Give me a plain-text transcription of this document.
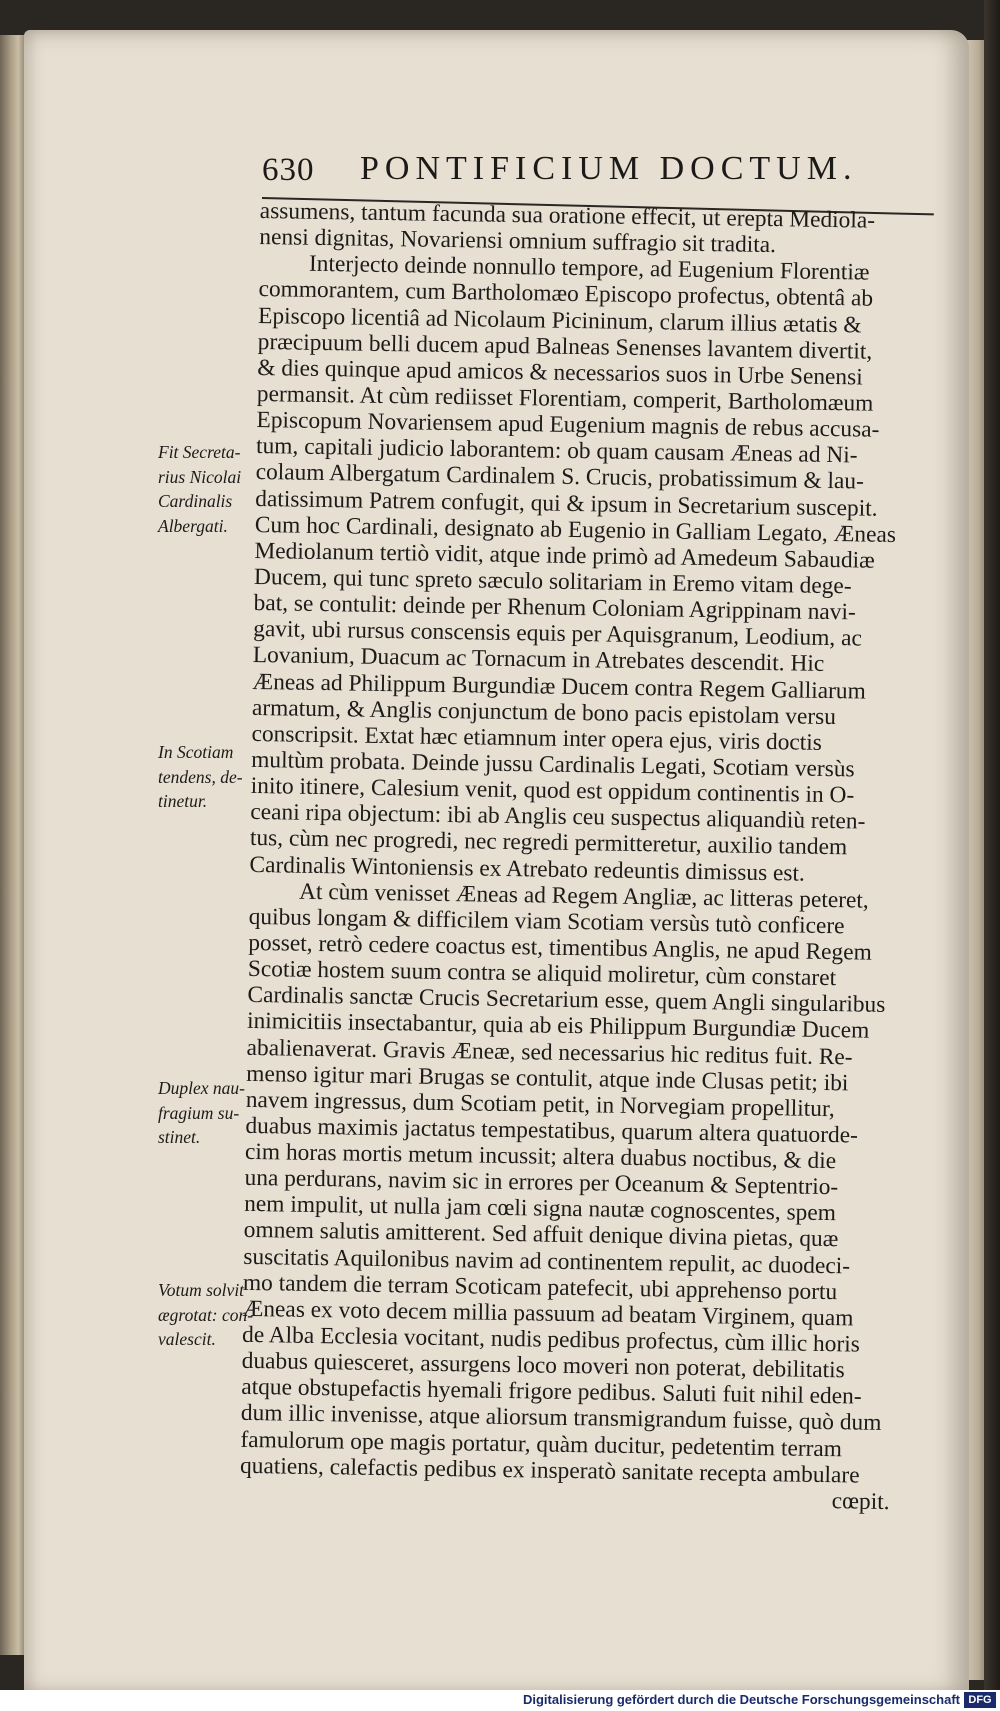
630 PONTIFICIUM DOCTUM.
assumens, tantum facunda sua oratione effecit, ut erepta Mediola-
nensi dignitas, Novariensi omnium suffragio sit tradita.
Interjecto deinde nonnullo tempore, ad Eugenium Florentiæ
commorantem, cum Bartholomæo Episcopo profectus, obtentâ ab
Episcopo licentiâ ad Nicolaum Picininum, clarum illius ætatis &
præcipuum belli ducem apud Balneas Senenses lavantem divertit,
& dies quinque apud amicos & necessarios suos in Urbe Senensi
permansit. At cùm rediisset Florentiam, comperit, Bartholomæum
Episcopum Novariensem apud Eugenium magnis de rebus accusa-
tum, capitali judicio laborantem: ob quam causam Æneas ad Ni-
colaum Albergatum Cardinalem S. Crucis, probatissimum & lau-
datissimum Patrem confugit, qui & ipsum in Secretarium suscepit.
Cum hoc Cardinali, designato ab Eugenio in Galliam Legato, Æneas
Mediolanum tertiò vidit, atque inde primò ad Amedeum Sabaudiæ
Ducem, qui tunc spreto sæculo solitariam in Eremo vitam dege-
bat, se contulit: deinde per Rhenum Coloniam Agrippinam navi-
gavit, ubi rursus conscensis equis per Aquisgranum, Leodium, ac
Lovanium, Duacum ac Tornacum in Atrebates descendit. Hic
Æneas ad Philippum Burgundiæ Ducem contra Regem Galliarum
armatum, & Anglis conjunctum de bono pacis epistolam versu
conscripsit. Extat hæc etiamnum inter opera ejus, viris doctis
multùm probata. Deinde jussu Cardinalis Legati, Scotiam versùs
inito itinere, Calesium venit, quod est oppidum continentis in O-
ceani ripa objectum: ibi ab Anglis ceu suspectus aliquandiù reten-
tus, cùm nec progredi, nec regredi permitteretur, auxilio tandem
Cardinalis Wintoniensis ex Atrebato redeuntis dimissus est.
At cùm venisset Æneas ad Regem Angliæ, ac litteras peteret,
quibus longam & difficilem viam Scotiam versùs tutò conficere
posset, retrò cedere coactus est, timentibus Anglis, ne apud Regem
Scotiæ hostem suum contra se aliquid moliretur, cùm constaret
Cardinalis sanctæ Crucis Secretarium esse, quem Angli singularibus
inimicitiis insectabantur, quia ab eis Philippum Burgundiæ Ducem
abalienaverat. Gravis Æneæ, sed necessarius hic reditus fuit. Re-
menso igitur mari Brugas se contulit, atque inde Clusas petit; ibi
navem ingressus, dum Scotiam petit, in Norvegiam propellitur,
duabus maximis jactatus tempestatibus, quarum altera quatuorde-
cim horas mortis metum incussit; altera duabus noctibus, & die
una perdurans, navim sic in errores per Oceanum & Septentrio-
nem impulit, ut nulla jam cœli signa nautæ cognoscentes, spem
omnem salutis amitterent. Sed affuit denique divina pietas, quæ
suscitatis Aquilonibus navim ad continentem repulit, ac duodeci-
mo tandem die terram Scoticam patefecit, ubi apprehenso portu
Æneas ex voto decem millia passuum ad beatam Virginem, quam
de Alba Ecclesia vocitant, nudis pedibus profectus, cùm illic horis
duabus quiesceret, assurgens loco moveri non poterat, debilitatis
atque obstupefactis hyemali frigore pedibus. Saluti fuit nihil eden-
dum illic invenisse, atque aliorsum transmigrandum fuisse, quò dum
famulorum ope magis portatur, quàm ducitur, pedetentim terram
quatiens, calefactis pedibus ex insperatò sanitate recepta ambulare
cœpit.
Fit Secreta-
rius Nicolai
Cardinalis
Albergati.
In Scotiam
tendens, de-
tinetur.
Duplex nau-
fragium su-
stinet.
Votum solvit
ægrotat: con-
valescit.
Digitalisierung gefördert durch die Deutsche Forschungsgemeinschaft DFG
